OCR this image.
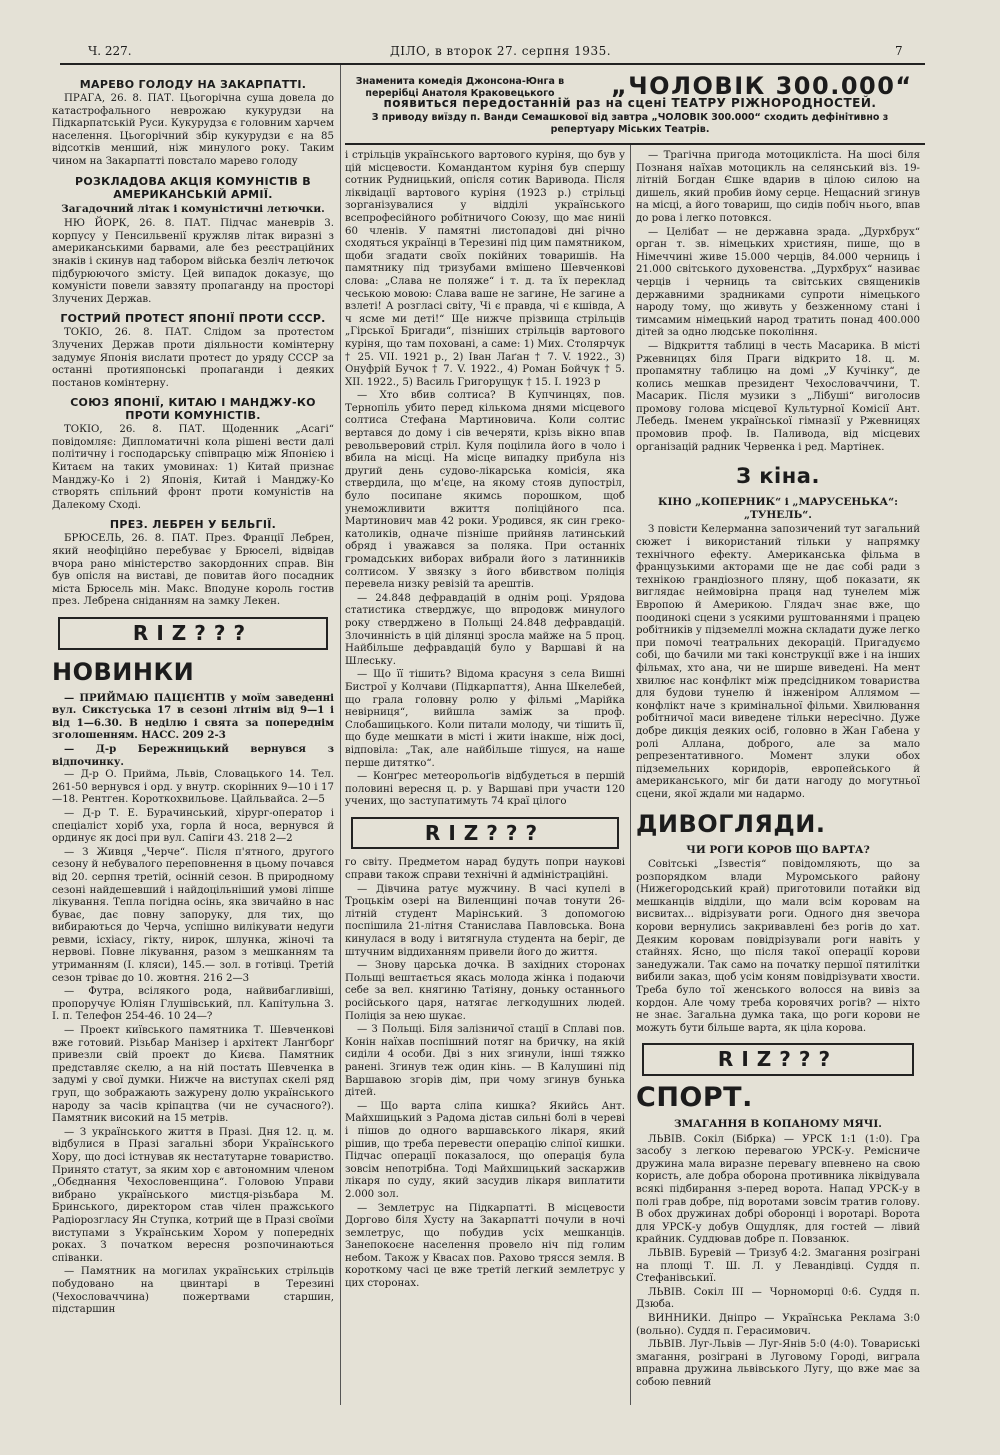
Ч. 227.	ДІЛО, в второк 27. серпня 1935.	7
Знаменита комедія Джонсона-Юнга в перерібці Анатоля Краковецького	„ЧОЛОВІК 300.000“
появиться передостанній раз на сцені ТЕАТРУ РІЖНОРОДНОСТЕЙ.
З приводу виїзду п. Ванди Семашкової від завтра „ЧОЛОВІК 300.000“ сходить дефінітивно з репертуару Міських Театрів.
МАРЕВО ГОЛОДУ НА ЗАКАРПАТТІ.

ПРАГА, 26. 8. ПАТ. Цьогорічна суша довела до катастрофального неврожаю кукурудзи на Підкарпатській Руси. Кукурудза є головним харчем населення. Цьогорічний збір кукурудзи є на 85 відсотків менший, ніж минулого року. Таким чином на Закарпатті повстало марево голоду

РОЗКЛАДОВА АКЦІЯ КОМУНІСТІВ В АМЕРИКАНСЬКІЙ АРМІЇ.
Загадочний літак і комуністичні летючки.

НЮ ЙОРК, 26. 8. ПАТ. Підчас маневрів 3. корпусу у Пенсильвенії кружляв літак виразні з американськими барвами, але без реєстраційних знаків і скинув над табором війська безліч летючок підбурюючого змісту. Цей випадок доказує, що комуністи повели завзяту пропаганду на просторі Злучених Держав.

ГОСТРИЙ ПРОТЕСТ ЯПОНІЇ ПРОТИ СССР.

ТОКІО, 26. 8. ПАТ. Слідом за протестом Злучених Держав проти діяльности комінтерну задумує Японія вислати протест до уряду СССР за останні протияпонські пропаганди і деяких постанов комінтерну.

СОЮЗ ЯПОНІЇ, КИТАЮ І МАНДЖУ-КО ПРОТИ КОМУНІСТІВ.

ТОКІО, 26. 8. ПАТ. Щоденник „Асагі“ повідомляє: Дипломатичні кола рішені вести далі політичну і господарську співпрацю між Японією і Китаєм на таких умовинах: 1) Китай признає Манджу-Ко і 2) Японія, Китай і Манджу-Ко створять спільний фронт проти комуністів на Далекому Сході.

ПРЕЗ. ЛЕБРЕН У БЕЛЬГІЇ.

БРЮСЕЛЬ, 26. 8. ПАТ. През. Франції Лебрен, який неофіційно перебуває у Брюселі, відвідав вчора рано міністерство закордонних справ. Він був опісля на виставі, де повитав його посадник міста Брюсель мін. Макс. Вподуне король гостив през. Лебрена сніданням на замку Лекен.

RIZ???
НОВИНКИ

— ПРИЙМАЮ ПАЦІЄНТІВ у моїм заведенні вул. Сикстуська 17 в сезоні літнім від 9—1 і від 1—6.30. В неділю і свята за попереднім зголошенням. НАСС. 209 2-3

— Д-р Бережницький вернувся з відпочинку.

— Д-р О. Прийма, Львів, Словацького 14. Тел. 261-50 вернувся і орд. у внутр. скорінних 9—10 і 17—18. Рентген. Короткохвильове. Цайльвайса. 2—5

— Д-р Т. Е. Бурачинський, хірург-оператор і спеціаліст хоріб уха, горла й носа, вернувся й ординує як досі при вул. Сапіги 43. 218 2—2

— З Живця „Черче“. Після п'ятного, другого сезону й небувалого переповнення в цьому почався від 20. серпня третій, осінній сезон. В природному сезоні найдешевший і найдоцільніший умові ліпше лікування. Тепла погідна осінь, яка звичайно в нас буває, дає повну запоруку, для тих, що вибираються до Черча, успішно вилікувати недуги ревми, ісхіасу, гікту, нирок, шлунка, жіночі та нервові. Повне лікування, разом з мешканням та утриманням (І. кляси), 145.— зол. в готівці. Третій сезон тріває до 10. жовтня. 216 2—3

— Футра, всілякого рода, найвибагливіші, пропоручує Юліян Глушівський, пл. Капітульна 3. І. п. Телефон 254-46. 10 24—?

— Проект київського памятника Т. Шевченкові вже готовий. Різьбар Манізер і архітект Ланґборґ привезли свій проект до Києва. Памятник представляє скелю, а на ній постать Шевченка в задумі у свої думки. Нижче на виступах скелі ряд груп, що зображають зажурену долю українського народу за часів кріпацтва (чи не сучасного?). Памятник високий на 15 метрів.

— З українського життя в Празі. Дня 12. ц. м. відбулися в Празі загальні збори Українського Хору, що досі істнував як нестатутарне товариство. Принято статут, за яким хор є автономним членом „Обєднання Чехословенщина“. Головою Управи вибрано українського мистця-різьбара М. Бринського, директором став чілен пражського Радіорозгласу Ян Ступка, котрий ще в Празі своїми виступами з Українським Хором у попередніх роках. З початком вересня розпочинаються співанки.

— Памятник на могилах українських стрільців побудовано на цвинтарі в Терезині (Чехословаччина) пожертвами старшин, підстаршин

і стрільців українського вартового куріня, що був у цій місцевости. Командантом куріня був спершу сотник Рудницький, опісля сотик Варивода. Після ліквідації вартового куріня (1923 р.) стрільці зорганізувалися у відділі українського всепрофесійного робітничого Союзу, що має ниніі 60 членів. У памятні листопадові дні річно сходяться українці в Терезині під цим памятником, щоби згадати своїх покійних товаришів. На памятнику під тризубами вмішено Шевченкові слова: „Слава не поляже“ і т. д. та їх переклад чеською мовою: Слава ваше не загине, Не загине а взлеті! А розгласі світу, Чі є правда, чі є кшівда, А ч ясме ми деті!“ Ще нижче прізвища стрільців „Гірської Бригади“, пізніших стрільців вартового куріня, що там поховані, а саме: 1) Мих. Столярчук † 25. VII. 1921 р., 2) Іван Лаґан † 7. V. 1922., 3) Онуфрій Бучок † 7. V. 1922., 4) Роман Бойчук † 5. XII. 1922., 5) Василь Григорущук † 15. І. 1923 р

— Хто вбив солтиса? В Купчинцях, пов. Тернопіль убито перед кількома днями місцевого солтиса Стефана Мартиновича. Коли солтис вертався до дому і сів вечеряти, крізь вікно впав револьверовий стріл. Куля поцілила його в чоло і вбила на місці. На місце випадку прибула ніз другий день судово-лікарська комісія, яка ствердила, що м'єце, на якому стояв дупостріл, було посипане якимсь порошком, щоб унеможливити вжиття поліційного пса. Мартинович мав 42 роки. Уродився, як син греко-католиків, одначе пізніше прийняв латинський обряд і уважався за поляка. При останніх громадських виборах вибрали його з латинників солтисом. У звязку з його вбивством поліція перевела низку ревізій та арештів.

— 24.848 дефравдацій в однім році. Урядова статистика стверджує, що впродовж минулого року стверджено в Польщі 24.848 дефравдацій. Злочинність в цій ділянці зросла майже на 5 проц. Найбільше дефравдацій було у Варшаві й на Шлеську.

— Що її тішить? Відома красуня з села Вишні Бистрої у Колчави (Підкарпаття), Анна Шкелебей, що грала головну ролю у фільмі „Марійка невірниця“, вийшла заміж за проф. Слобашицького. Коли питали молоду, чи тішить її, що буде мешкати в місті і жити інакше, ніж досі, відповіла: „Так, але найбільше тішуся, на наше перше дитятко“.

— Конґрес метеорольоґів відбудеться в першій половині вересня ц. р. у Варшаві при участи 120 учених, що заступатимуть 74 краї цілого

RIZ???

го світу. Предметом нарад будуть попри наукові справи також справи технічні й адміністраційні.

— Дівчина ратує мужчину. В часі купелі в Троцькім озері на Виленщині почав тонути 26-літній студент Марінський. З допомогою поспішила 21-літня Станислава Павловська. Вона кинулася в воду і витягнула студента на беріг, де штучним віддиханням привели його до життя.

— Знову царська дочка. В західних сторонах Польщі вештається якась молода жінка і подаючи себе за вел. княгиню Татіяну, доньку останнього російського царя, натягає легкодушних людей. Поліція за нею шукає.

— З Польщі. Біля залізничої стації в Сплаві пов. Конін наїхав поспішний потяг на бричку, на якій сиділи 4 особи. Дві з них згинули, інші тяжко ранені. Згинув теж один кінь. — В Калушині під Варшавою згорів дім, при чому згинув бунька дітей.

— Що варта сліпа кишка? Якийсь Ант. Майхшицький з Радома дістав сильні болі в череві і пішов до одного варшавського лікаря, який рішив, що треба перевести операцію сліпої кишки. Підчас операції показалося, що операція була зовсім непотрібна. Тоді Майхшицький заскаржив лікаря по суду, який засудив лікаря виплатити 2.000 зол.

— Землетрус на Підкарпатті. В місцевости Доргово біля Хусту на Закарпатті почули в ночі землетрус, що побудив усіх мешканців. Занепокоєне населення провело ніч під голим небом. Також у Квасах пов. Рахово трясся земля. В короткому часі це вже третій легкий землетрус у цих сторонах.

— Трагічна пригода мотоцикліста. На шосі біля Познаня наїхав мотоцикль на селянський віз. 19-літній Богдан Єшке вдарив в цілою силою на дишель, який пробив йому серце. Нещасний згинув на місці, а його товариш, що сидів побіч нього, впав до рова і легко потовкся.

— Целібат — не державна зрада. „Дурхбрух“ орган т. зв. німецьких християн, пише, що в Німеччині живе 15.000 черців, 84.000 черниць і 21.000 світського духовенства. „Дурхбрух“ називає черців і черниць та світських священиків державними зрадниками супроти німецького народу тому, що живуть у безженному стані і тимсамим німецький народ тратить понад 400.000 дітей за одно людське покоління.

— Відкриття таблиці в честь Масарика. В місті Ржевницях біля Праги відкрито 18. ц. м. пропамятну таблицю на домі „У Кучінку“, де колись мешкав президент Чехословаччини, Т. Масарик. Після музики з „Лібуші“ виголосив промову голова місцевої Культурної Комісії Ант. Лебедь. Іменем української гімназії у Ржевницях промовив проф. Ів. Паливода, від місцевих організацій радник Червенка і ред. Мартінек.

З кіна.
КІНО „КОПЕРНИК“ і „МАРУСЕНЬКА“: „ТУНЕЛЬ“.

З повісти Келерманна запозичений тут загальний сюжет і використаний тільки у напрямку технічного ефекту. Американська фільма в французькими акторами ще не дає собі ради з технікою грандіозного пляну, щоб показати, як виглядає неймовірна праця над тунелем між Европою й Америкою. Глядач знає вже, що поодинокі сцени з усякими руштованнями і працею робітників у підземеллі можна складати дуже легко при помочі театральних декорацій. Пригадуємо собі, що бачили ми такі конструкції вже і на інших фільмах, хто ана, чи не ширше виведені. На мент хвилює нас конфлікт між предсідником товариства для будови тунелю й інженіром Аллямом — конфлікт наче з кримінальної фільми. Хвилювання робітничої маси виведене тільки нересічно. Дуже добре дикція деяких осіб, головно в Жан Габена у ролі Аллана, доброго, але за мало репрезентативного. Момент злуки обох підземельних коридорів, европейського й американського, міг би дати нагоду до могутньої сцени, якої ждали ми надармо.

ДИВОГЛЯДИ.
ЧИ РОГИ КОРОВ ЩО ВАРТА?

Совітські „Ізвестія“ повідомляють, що за розпорядком влади Муромського району (Нижегородський край) приготовили потайки від мешканців відділи, що мали всім коровам на висвитах... відрізувати роги. Одного дня звечора корови вернулись закривавлені без рогів до хат. Деяким коровам повідрізували роги навіть у стайнях. Ясно, що після такої операції корови занедужали. Так само на початку першої пятилітки вибили заказ, щоб усім коням повідрізувати хвости. Треба було тої женського волосся на вивіз за кордон. Але чому треба коровячих рогів? — ніхто не знає. Загальна думка така, що роги корови не можуть бути більше варта, як ціла корова.

RIZ???
СПОРТ.
ЗМАГАННЯ В КОПАНОМУ МЯЧІ.

ЛЬВІВ. Сокіл (Бібрка) — УРСК 1:1 (1:0). Гра засобу з легкою перевагою УРСК-у. Ремісниче дружина мала виразне перевагу впевнено на свою користь, але добра оборона противника ліквідувала всякі підбирання з-перед ворота. Напад УРСК-у в полі грав добре, під воротами зовсім тратив голову. В обох дружинах добрі оборонці і воротарі. Ворота для УРСК-у добув Ощудляк, для гостей — лівий крайник. Суддював добре п. Повзанюк.

ЛЬВІВ. Буревій — Тризуб 4:2. Змагання розіграні на площі Т. Ш. Л. у Левандівці. Суддя п. Стефанівськиї.

ЛЬВІВ. Сокіл III — Чорноморці 0:6. Суддя п. Дзюба.

ВИННИКИ. Дніпро — Українська Реклама 3:0 (вольно). Суддя п. Герасимович.

ЛЬВІВ. Луг-Львів — Луг-Янів 5:0 (4:0). Товариські змагання, розіграні в Луговому Городі, виграла вправна дружина львівського Лугу, що вже має за собою певний
